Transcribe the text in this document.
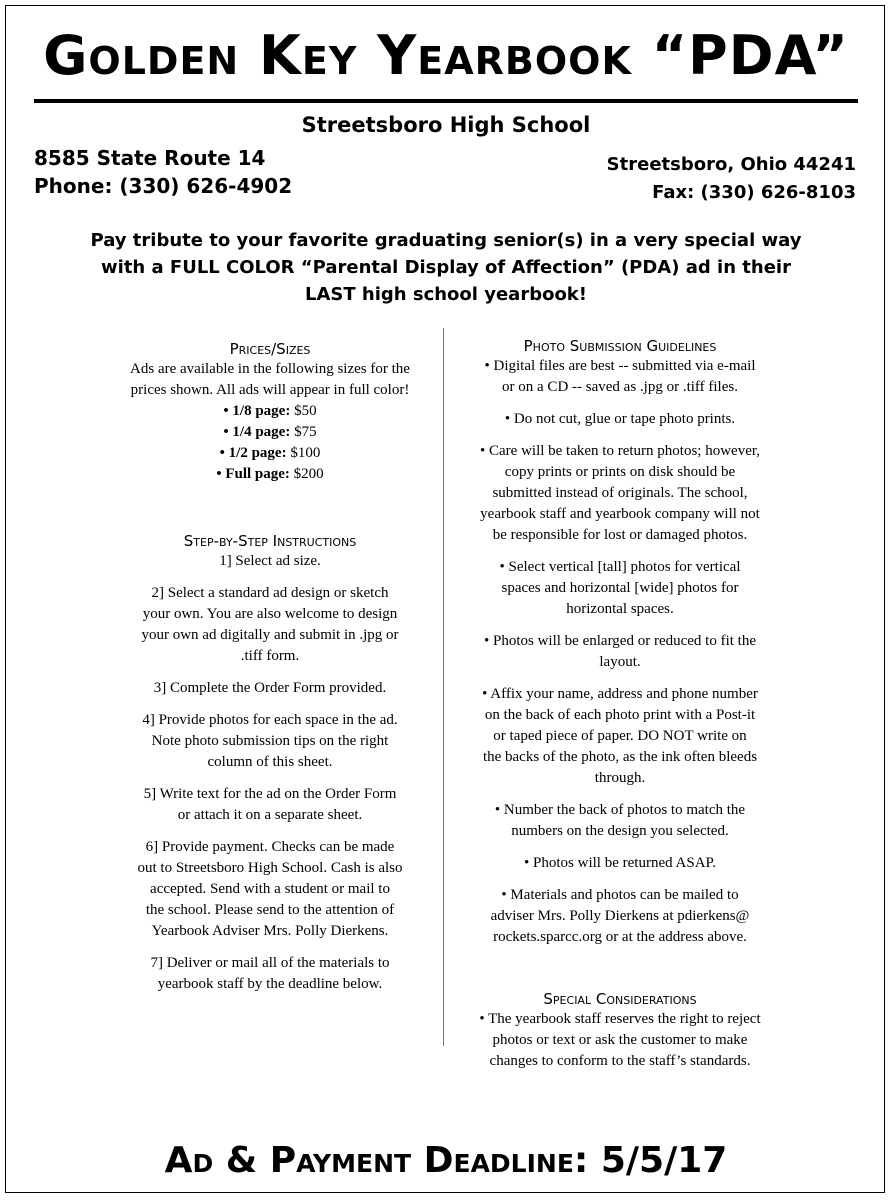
Golden Key Yearbook “PDA”
Streetsboro High School
8585 State Route 14
Phone: (330) 626-4902
Streetsboro, Ohio 44241
Fax: (330) 626-8103
Pay tribute to your favorite graduating senior(s) in a very special way
with a FULL COLOR “Parental Display of Affection” (PDA) ad in their
LAST high school yearbook!
Prices/Sizes
Ads are available in the following sizes for the
prices shown. All ads will appear in full color!
• 1/8 page: $50
• 1/4 page: $75
• 1/2 page: $100
• Full page: $200
Step-by-Step Instructions
1] Select ad size.
2] Select a standard ad design or sketch
your own. You are also welcome to design
your own ad digitally and submit in .jpg or
.tiff form.
3] Complete the Order Form provided.
4] Provide photos for each space in the ad.
Note photo submission tips on the right
column of this sheet.
5] Write text for the ad on the Order Form
or attach it on a separate sheet.
6] Provide payment. Checks can be made
out to Streetsboro High School. Cash is also
accepted. Send with a student or mail to
the school. Please send to the attention of
Yearbook Adviser Mrs. Polly Dierkens.
7] Deliver or mail all of the materials to
yearbook staff by the deadline below.
Photo Submission Guidelines
• Digital files are best -- submitted via e-mail
or on a CD -- saved as .jpg or .tiff files.
• Do not cut, glue or tape photo prints.
• Care will be taken to return photos; however,
copy prints or prints on disk should be
submitted instead of originals. The school,
yearbook staff and yearbook company will not
be responsible for lost or damaged photos.
• Select vertical [tall] photos for vertical
spaces and horizontal [wide] photos for
horizontal spaces.
• Photos will be enlarged or reduced to fit the
layout.
• Affix your name, address and phone number
on the back of each photo print with a Post-it
or taped piece of paper. DO NOT write on
the backs of the photo, as the ink often bleeds
through.
• Number the back of photos to match the
numbers on the design you selected.
• Photos will be returned ASAP.
• Materials and photos can be mailed to
adviser Mrs. Polly Dierkens at pdierkens@
rockets.sparcc.org or at the address above.
Special Considerations
• The yearbook staff reserves the right to reject
photos or text or ask the customer to make
changes to conform to the staff’s standards.
Ad & Payment Deadline: 5/5/17
